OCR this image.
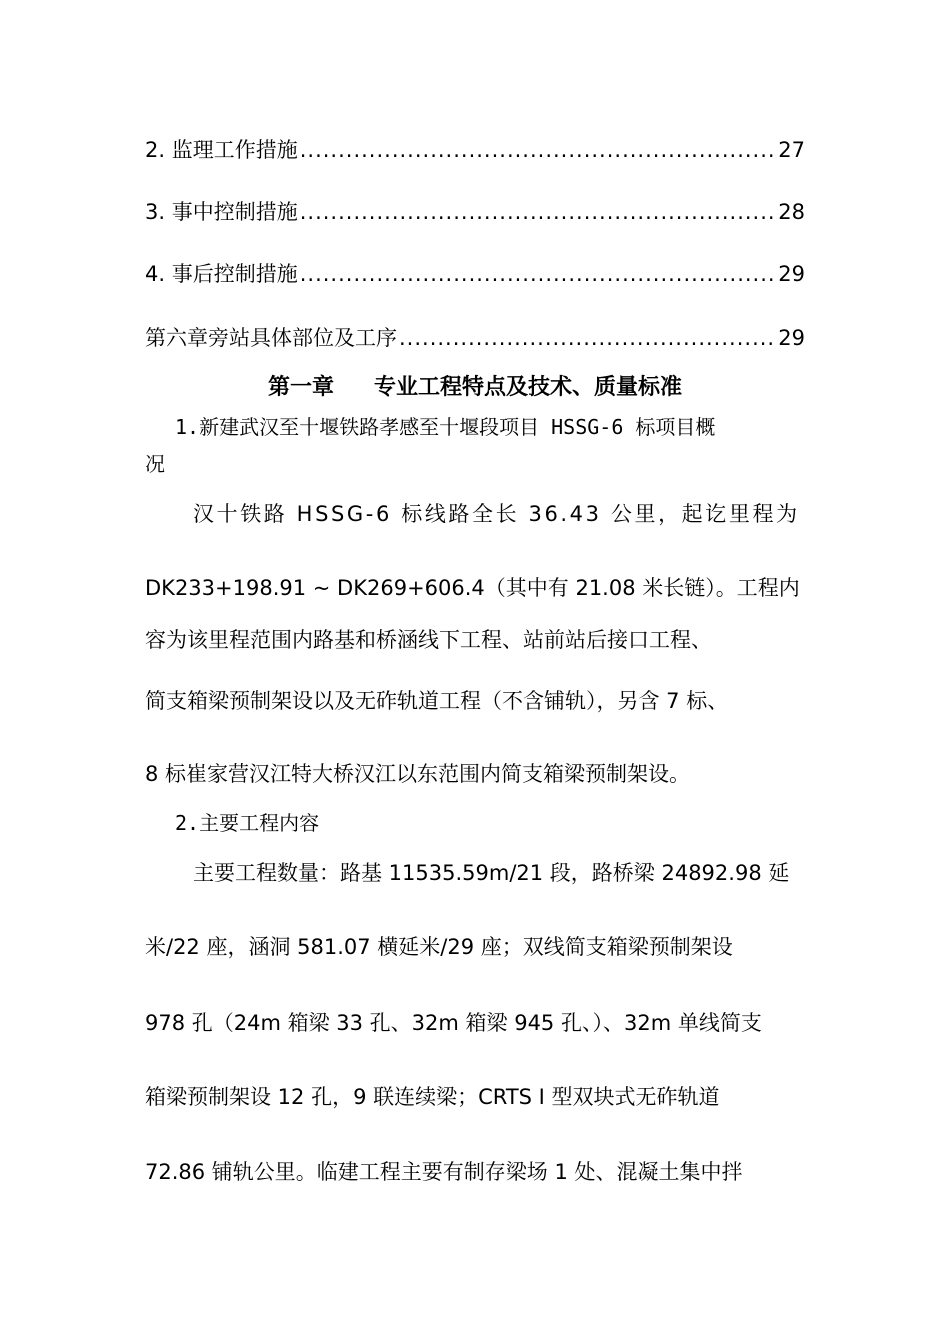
2. 监理工作措施 .....	27
3. 事中控制措施 .....	28
4. 事后控制措施 .....	29
第六章旁站具体部位及工序 .....	29
第一章 专业工程特点及技术、质量标准
1.新建武汉至十堰铁路孝感至十堰段项目 HSSG-6 标项目概
况
汉十铁路 HSSG-6 标线路全长 36.43 公里，起讫里程为
DK233+198.91 ~ DK269+606.4（其中有 21.08 米长链）。工程内
容为该里程范围内路基和桥涵线下工程、站前站后接口工程、
简支箱梁预制架设以及无砟轨道工程（不含铺轨），另含 7 标、
8 标崔家营汉江特大桥汉江以东范围内简支箱梁预制架设。
2.主要工程内容
主要工程数量：路基 11535.59m/21 段，路桥梁 24892.98 延
米/22 座，涵洞 581.07 横延米/29 座；双线简支箱梁预制架设
978 孔（24m 箱梁 33 孔、32m 箱梁 945 孔、）、32m 单线简支
箱梁预制架设 12 孔，9 联连续梁；CRTS Ⅰ 型双块式无砟轨道
72.86 铺轨公里。临建工程主要有制存梁场 1 处、混凝土集中拌
